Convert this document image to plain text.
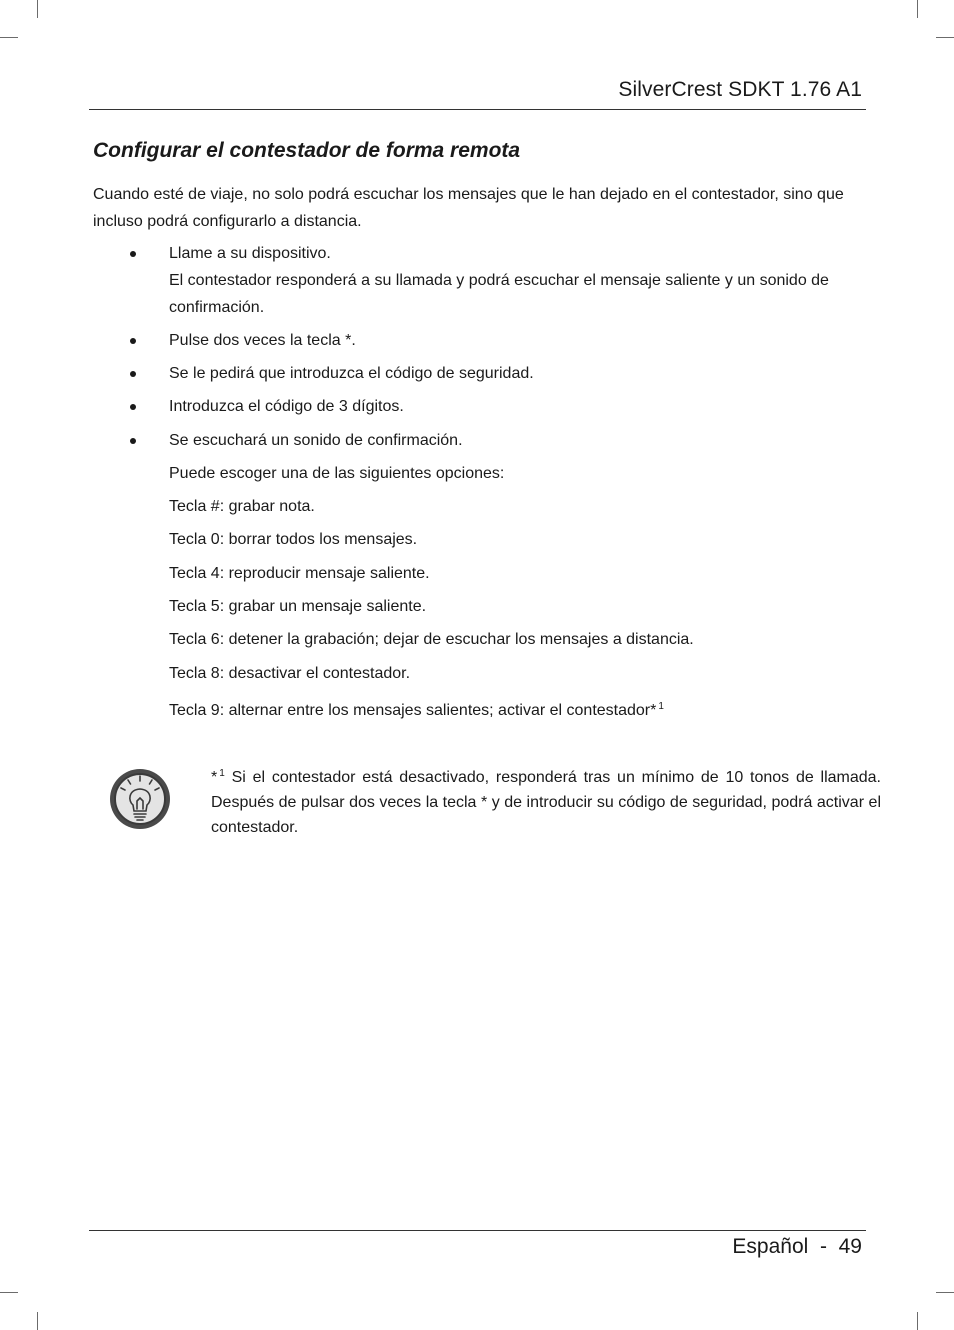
SilverCrest SDKT 1.76 A1
Configurar el contestador de forma remota
Cuando esté de viaje, no solo podrá escuchar los mensajes que le han dejado en el contestador, sino que incluso podrá configurarlo a distancia.
Llame a su dispositivo.
El contestador responderá a su llamada y podrá escuchar el mensaje saliente y un sonido de confirmación.
Pulse dos veces la tecla *.
Se le pedirá que introduzca el código de seguridad.
Introduzca el código de 3 dígitos.
Se escuchará un sonido de confirmación.
Puede escoger una de las siguientes opciones:
Tecla #: grabar nota.
Tecla 0: borrar todos los mensajes.
Tecla 4: reproducir mensaje saliente.
Tecla 5: grabar un mensaje saliente.
Tecla 6: detener la grabación; dejar de escuchar los mensajes a distancia.
Tecla 8: desactivar el contestador.
Tecla 9: alternar entre los mensajes salientes; activar el contestador* $^1$
* $^1$ Si el contestador está desactivado, responderá tras un mínimo de 10 tonos de llamada. Después de pulsar dos veces la tecla * y de introducir su código de seguridad, podrá activar el contestador.
Español  -  49
